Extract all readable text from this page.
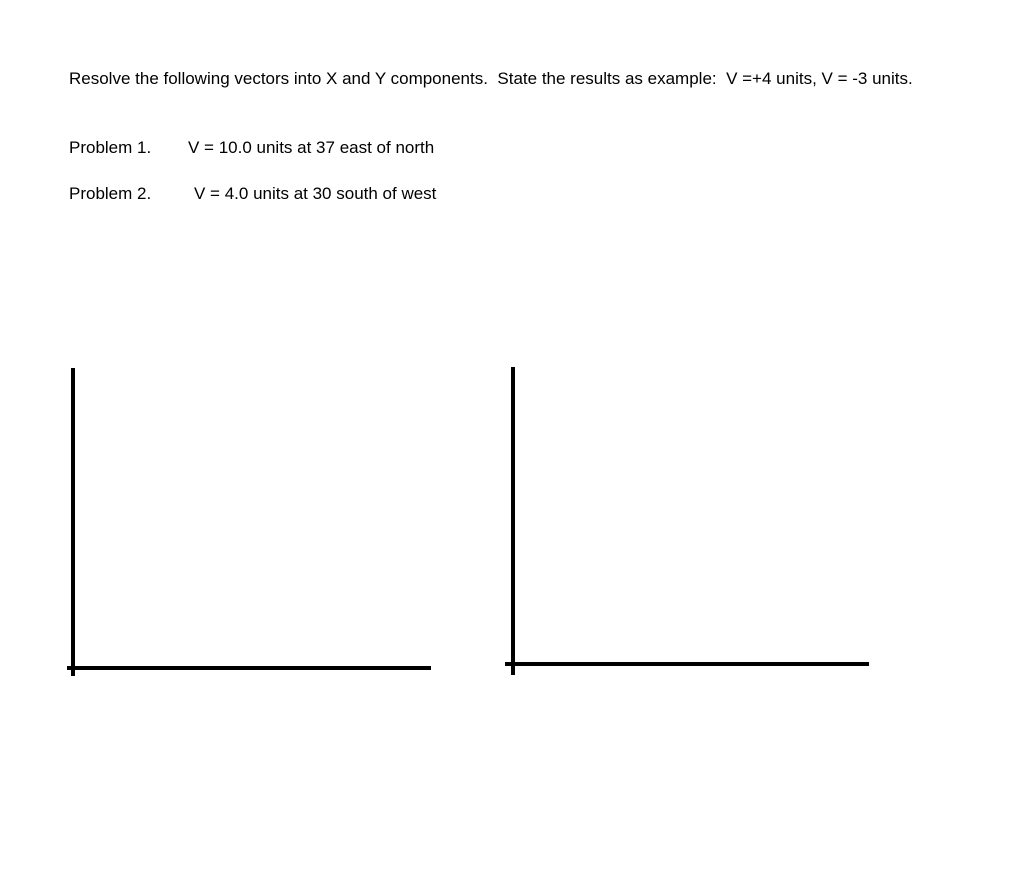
Resolve the following vectors into X and Y components.  State the results as example:  V =+4 units, V = -3 units.

Problem 1. V = 10.0 units at 37 east of north

Problem 2.	V = 4.0 units at 30 south of west
